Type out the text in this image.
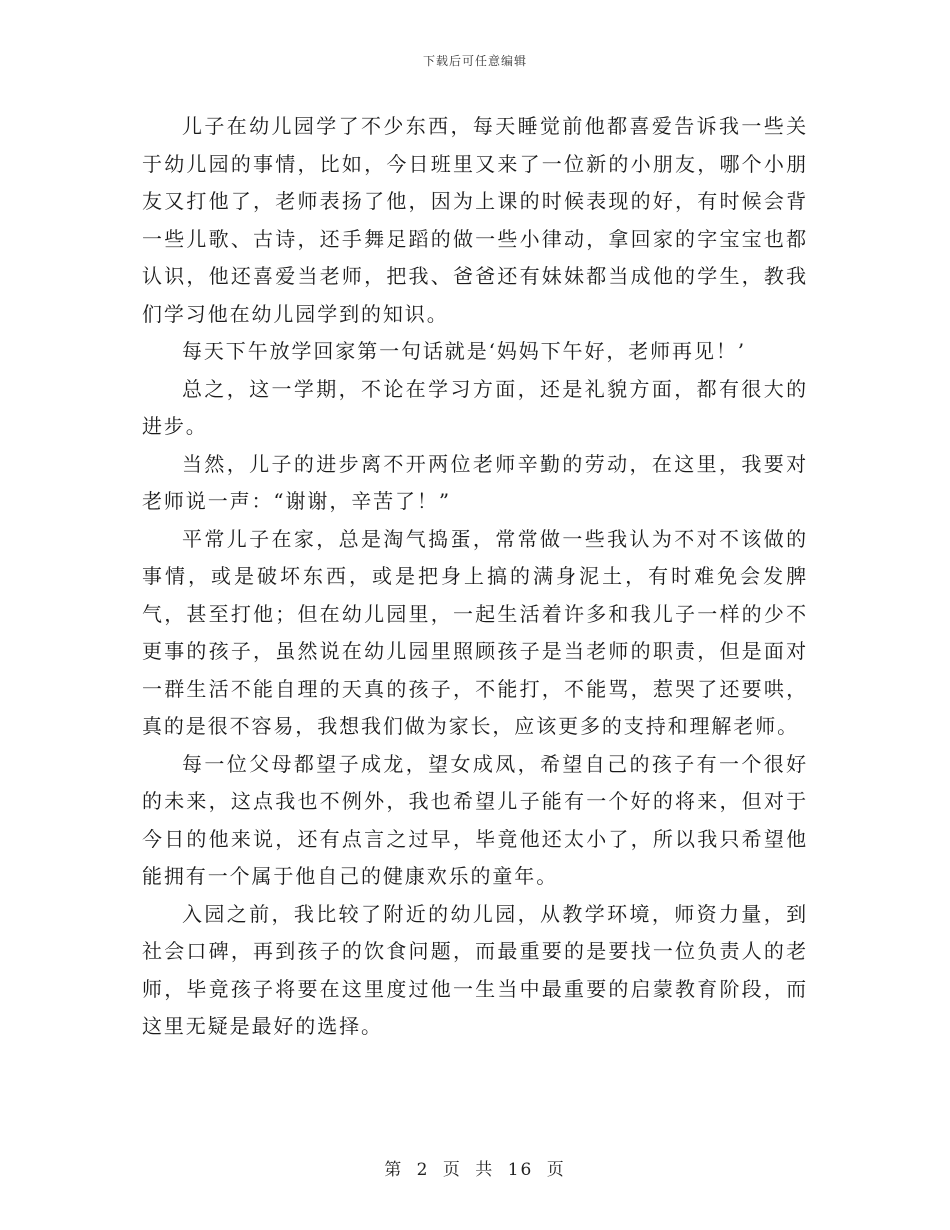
下载后可任意编辑

儿子在幼儿园学了不少东西，每天睡觉前他都喜爱告诉我一些关于幼儿园的事情，比如，今日班里又来了一位新的小朋友，哪个小朋友又打他了，老师表扬了他，因为上课的时候表现的好，有时候会背一些儿歌、古诗，还手舞足蹈的做一些小律动，拿回家的字宝宝也都认识，他还喜爱当老师，把我、爸爸还有妹妹都当成他的学生，教我们学习他在幼儿园学到的知识。

每天下午放学回家第一句话就是‘妈妈下午好，老师再见！’

总之，这一学期，不论在学习方面，还是礼貌方面，都有很大的进步。

当然，儿子的进步离不开两位老师辛勤的劳动，在这里，我要对老师说一声：“谢谢，辛苦了！”

平常儿子在家，总是淘气捣蛋，常常做一些我认为不对不该做的事情，或是破坏东西，或是把身上搞的满身泥土，有时难免会发脾气，甚至打他；但在幼儿园里，一起生活着许多和我儿子一样的少不更事的孩子，虽然说在幼儿园里照顾孩子是当老师的职责，但是面对一群生活不能自理的天真的孩子，不能打，不能骂，惹哭了还要哄，真的是很不容易，我想我们做为家长，应该更多的支持和理解老师。

每一位父母都望子成龙，望女成凤，希望自己的孩子有一个很好的未来，这点我也不例外，我也希望儿子能有一个好的将来，但对于今日的他来说，还有点言之过早，毕竟他还太小了，所以我只希望他能拥有一个属于他自己的健康欢乐的童年。

入园之前，我比较了附近的幼儿园，从教学环境，师资力量，到社会口碑，再到孩子的饮食问题，而最重要的是要找一位负责人的老师，毕竟孩子将要在这里度过他一生当中最重要的启蒙教育阶段，而这里无疑是最好的选择。

第 2 页 共 16 页
